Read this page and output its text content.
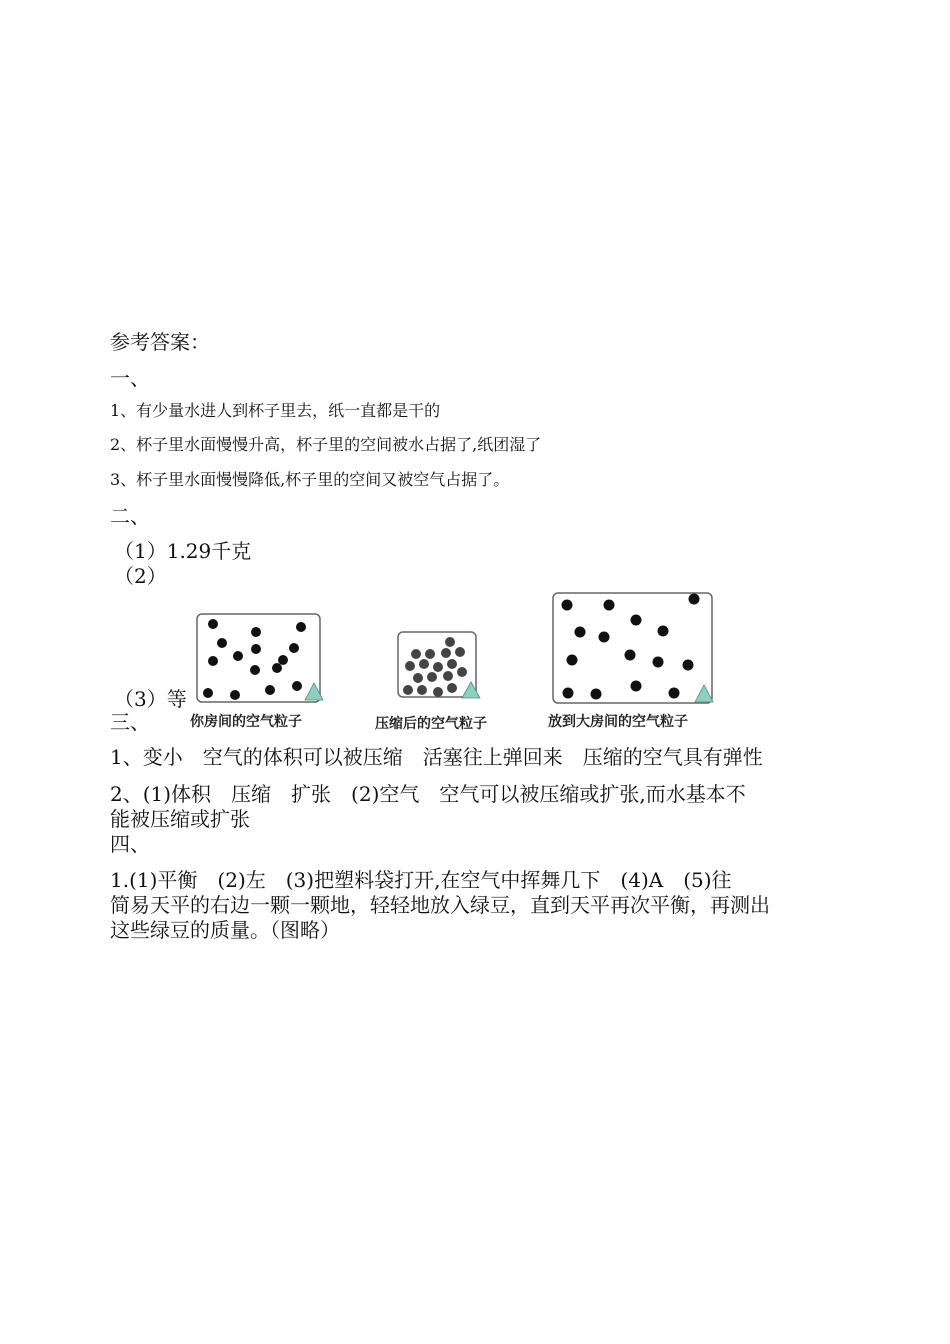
参考答案：
一、
1、有少量水进人到杯子里去，纸一直都是干的
2、杯子里水面慢慢升高，杯子里的空间被水占据了,纸团湿了
3、杯子里水面慢慢降低,杯子里的空间又被空气占据了。
二、
（1）1.29千克
（2）
（3）等
你房间的空气粒子	压缩后的空气粒子	放到大房间的空气粒子
三、
1、变小　空气的体积可以被压缩　活塞往上弹回来　压缩的空气具有弹性
2、(1)体积　压缩　扩张　(2)空气　空气可以被压缩或扩张,而水基本不
能被压缩或扩张
四、
1.(1)平衡　(2)左　(3)把塑料袋打开,在空气中挥舞几下　(4)A　(5)往
简易天平的右边一颗一颗地，轻轻地放入绿豆，直到天平再次平衡，再测出
这些绿豆的质量。（图略）
